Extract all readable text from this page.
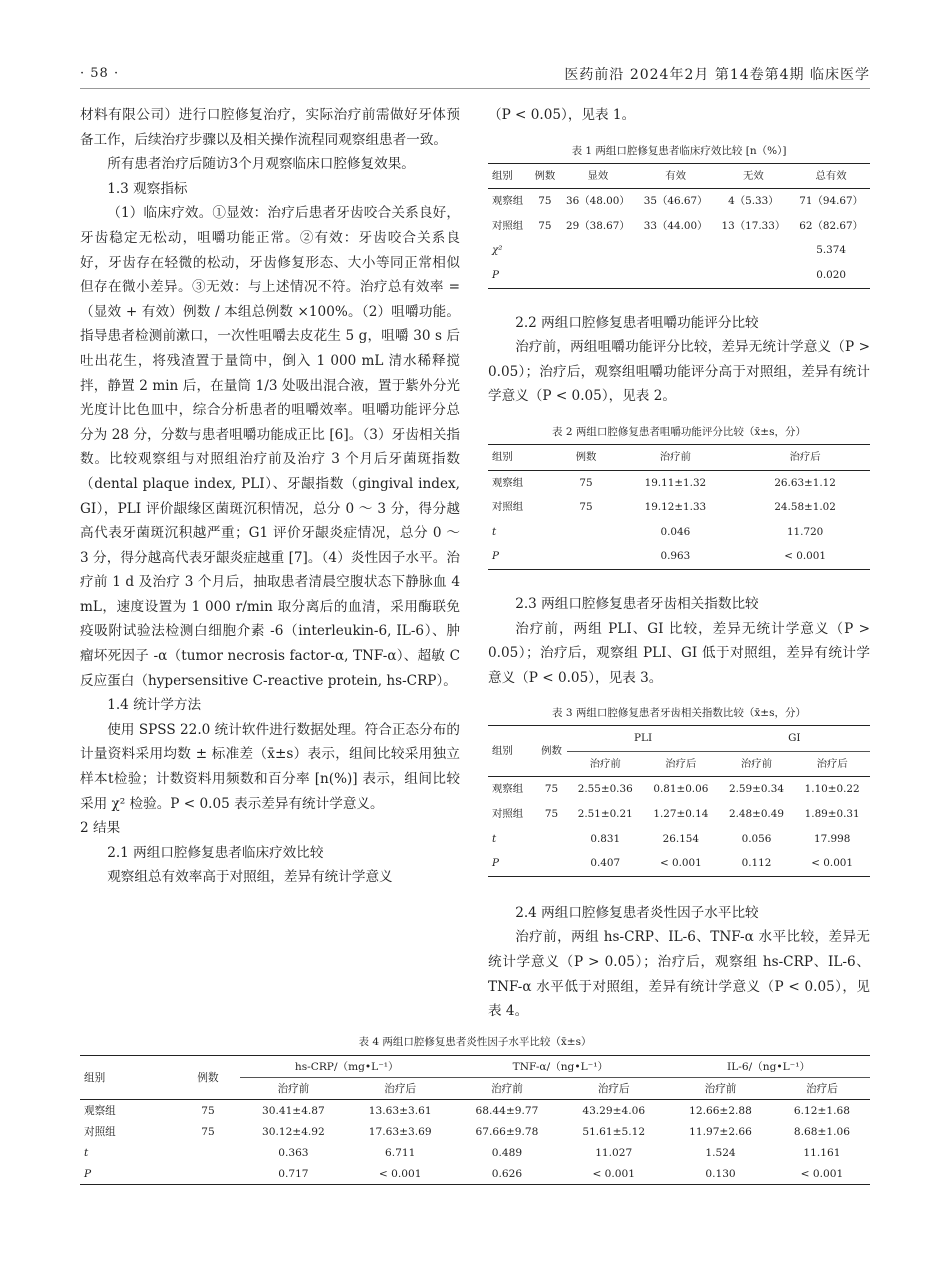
· 58 ·	医药前沿 2024年2月 第14卷第4期 临床医学

材料有限公司）进行口腔修复治疗，实际治疗前需做好牙体预备工作，后续治疗步骤以及相关操作流程同观察组患者一致。

所有患者治疗后随访3个月观察临床口腔修复效果。

1.3 观察指标

（1）临床疗效。①显效：治疗后患者牙齿咬合关系良好，牙齿稳定无松动，咀嚼功能正常。②有效：牙齿咬合关系良好，牙齿存在轻微的松动，牙齿修复形态、大小等同正常相似但存在微小差异。③无效：与上述情况不符。治疗总有效率 =（显效 + 有效）例数 / 本组总例数 ×100%。（2）咀嚼功能。指导患者检测前漱口，一次性咀嚼去皮花生 5 g，咀嚼 30 s 后吐出花生，将残渣置于量筒中，倒入 1 000 mL 清水稀释搅拌，静置 2 min 后，在量筒 1/3 处吸出混合液，置于紫外分光光度计比色皿中，综合分析患者的咀嚼效率。咀嚼功能评分总分为 28 分，分数与患者咀嚼功能成正比 [6]。（3）牙齿相关指数。比较观察组与对照组治疗前及治疗 3 个月后牙菌斑指数（dental plaque index, PLI）、牙龈指数（gingival index, GI），PLI 评价龈缘区菌斑沉积情况，总分 0 ～ 3 分，得分越高代表牙菌斑沉积越严重；G1 评价牙龈炎症情况，总分 0 ～ 3 分，得分越高代表牙龈炎症越重 [7]。（4）炎性因子水平。治疗前 1 d 及治疗 3 个月后，抽取患者清晨空腹状态下静脉血 4 mL，速度设置为 1 000 r/min 取分离后的血清，采用酶联免疫吸附试验法检测白细胞介素 -6（interleukin-6, IL-6）、肿瘤坏死因子 -α（tumor necrosis factor-α, TNF-α）、超敏 C 反应蛋白（hypersensitive C-reactive protein, hs-CRP）。

1.4 统计学方法

使用 SPSS 22.0 统计软件进行数据处理。符合正态分布的计量资料采用均数 ± 标准差（x̄±s）表示，组间比较采用独立样本t检验；计数资料用频数和百分率 [n(%)] 表示，组间比较采用 χ² 检验。P < 0.05 表示差异有统计学意义。

2 结果

2.1 两组口腔修复患者临床疗效比较

观察组总有效率高于对照组，差异有统计学意义

（P < 0.05），见表 1。

表 1 两组口腔修复患者临床疗效比较 [n（%）]

组别	例数	显效	有效	无效	总有效
观察组	75	36（48.00）	35（46.67）	4（5.33）	71（94.67）
对照组	75	29（38.67）	33（44.00）	13（17.33）	62（82.67）
χ²					5.374
P					0.020

2.2 两组口腔修复患者咀嚼功能评分比较

治疗前，两组咀嚼功能评分比较，差异无统计学意义（P > 0.05）；治疗后，观察组咀嚼功能评分高于对照组，差异有统计学意义（P < 0.05），见表 2。

表 2 两组口腔修复患者咀嚼功能评分比较（x̄±s，分）

组别	例数	治疗前	治疗后
观察组	75	19.11±1.32	26.63±1.12
对照组	75	19.12±1.33	24.58±1.02
t		0.046	11.720
P		0.963	< 0.001

2.3 两组口腔修复患者牙齿相关指数比较

治疗前，两组 PLI、GI 比较，差异无统计学意义（P > 0.05）；治疗后，观察组 PLI、GI 低于对照组，差异有统计学意义（P < 0.05），见表 3。

表 3 两组口腔修复患者牙齿相关指数比较（x̄±s，分）

组别	例数	PLI		GI	
		治疗前	治疗后	治疗前	治疗后
观察组	75	2.55±0.36	0.81±0.06	2.59±0.34	1.10±0.22
对照组	75	2.51±0.21	1.27±0.14	2.48±0.49	1.89±0.31
t		0.831	26.154	0.056	17.998
P		0.407	< 0.001	0.112	< 0.001

2.4 两组口腔修复患者炎性因子水平比较

治疗前，两组 hs-CRP、IL-6、TNF-α 水平比较，差异无统计学意义（P > 0.05）；治疗后，观察组 hs-CRP、IL-6、TNF-α 水平低于对照组，差异有统计学意义（P < 0.05），见表 4。

表 4 两组口腔修复患者炎性因子水平比较（x̄±s）

组别	例数	hs-CRP/（mg•L⁻¹）		TNF-α/（ng•L⁻¹）		IL-6/（ng•L⁻¹）	
		治疗前	治疗后	治疗前	治疗后	治疗前	治疗后
观察组	75	30.41±4.87	13.63±3.61	68.44±9.77	43.29±4.06	12.66±2.88	6.12±1.68
对照组	75	30.12±4.92	17.63±3.69	67.66±9.78	51.61±5.12	11.97±2.66	8.68±1.06
t		0.363	6.711	0.489	11.027	1.524	11.161
P		0.717	< 0.001	0.626	< 0.001	0.130	< 0.001
